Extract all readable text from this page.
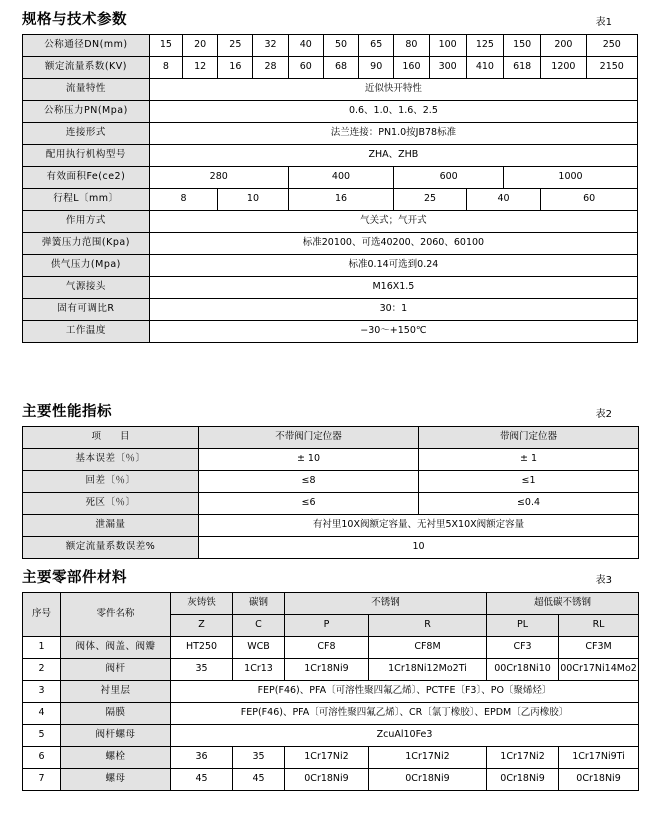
规格与技术参数	表1
公称通径DN(mm)	15	20	25	32	40	50	65	80	100	125	150	200	250
额定流量系数(KV)	8	12	16	28	60	68	90	160	300	410	618	1200	2150
流量特性	近似快开特性												
公称压力PN(Mpa)	0.6、1.0、1.6、2.5												
连接形式	法兰连接：PN1.0按JB78标准												
配用执行机构型号	ZHA、ZHB												
有效面积Fe(ce2)	280				400			600			1000		
行程L〔mm〕	8		10		16			25		40		60	
作用方式	气关式；气开式												
弹簧压力范围(Kpa)	标准20100、可选40200、2060、60100												
供气压力(Mpa)	标准0.14可选到0.24												
气源接头	M16X1.5												
固有可调比R	30：1												
工作温度	−30～+150℃												
主要性能指标	表2
项　　目	不带阀门定位器	带阀门定位器
基本误差〔％〕	± 10	± 1
回差〔％〕	≤8	≤1
死区〔％〕	≤6	≤0.4
泄漏量	有衬里10X阀额定容量、无衬里5X10X阀额定容量	
额定流量系数误差%	10	
主要零部件材料	表3
序号	零件名称	灰铸铁	碳钢	不锈钢		超低碳不锈钢	
		Z	C	P	R	PL	RL
1	阀体、阀盖、阀瓣	HT250	WCB	CF8	CF8M	CF3	CF3M
2	阀杆	35	1Cr13	1Cr18Ni9	1Cr18Ni12Mo2Ti	00Cr18Ni10	00Cr17Ni14Mo2
3	衬里层	FEP(F46)、PFA〔可溶性聚四氟乙烯〕、PCTFE〔F3〕、PO〔聚烯烃〕					
4	隔膜	FEP(F46)、PFA〔可溶性聚四氟乙烯〕、CR〔氯丁橡胶〕、EPDM〔乙丙橡胶〕					
5	阀杆螺母	ZcuAl10Fe3					
6	螺栓	36	35	1Cr17Ni2	1Cr17Ni2	1Cr17Ni2	1Cr17Ni9Ti
7	螺母	45	45	0Cr18Ni9	0Cr18Ni9	0Cr18Ni9	0Cr18Ni9
